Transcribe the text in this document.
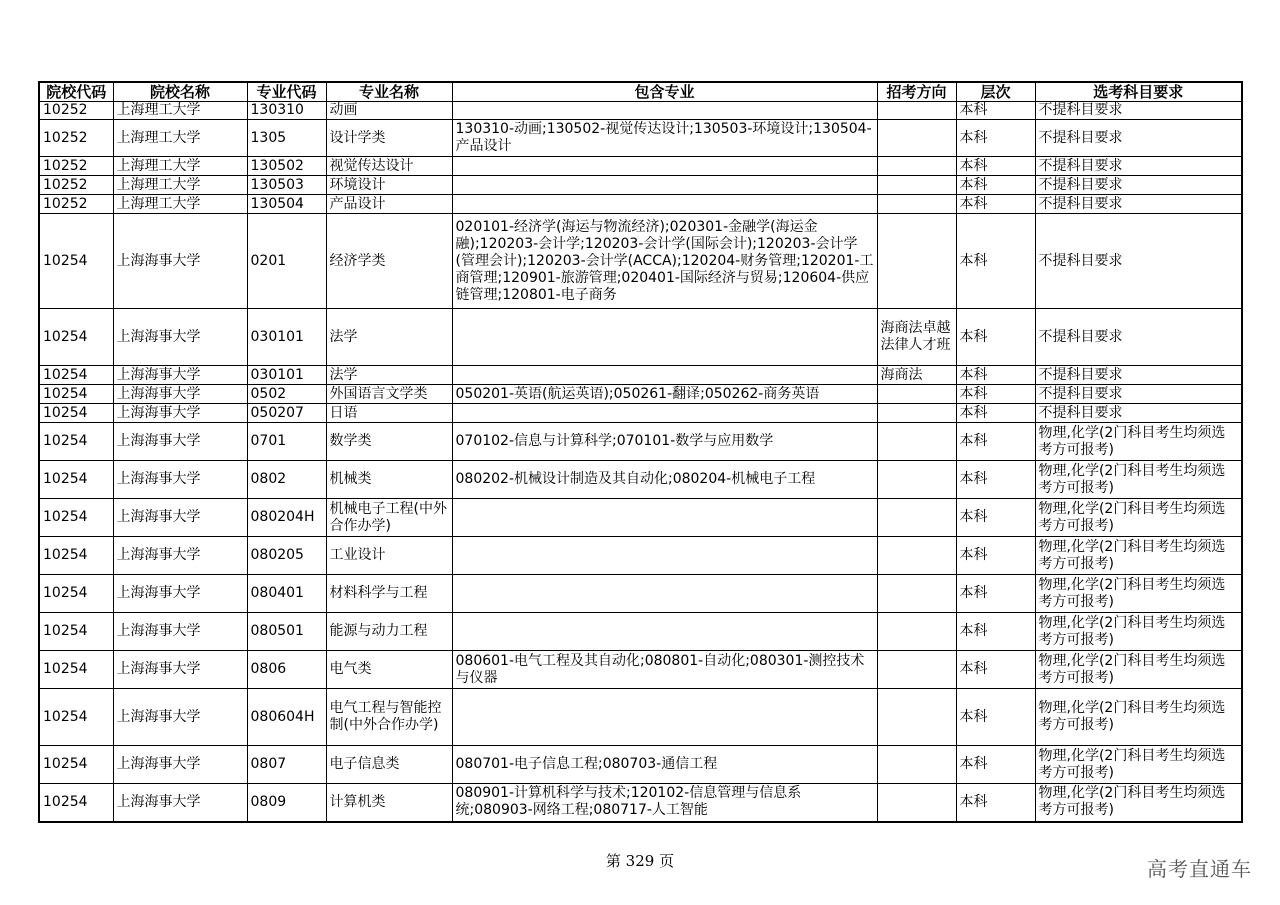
院校代码	院校名称	专业代码	专业名称	包含专业	招考方向	层次	选考科目要求
10252	上海理工大学	130310	动画			本科	不提科目要求
10252	上海理工大学	1305	设计学类	130310-动画;130502-视觉传达设计;130503-环境设计;130504-产品设计		本科	不提科目要求
10252	上海理工大学	130502	视觉传达设计			本科	不提科目要求
10252	上海理工大学	130503	环境设计			本科	不提科目要求
10252	上海理工大学	130504	产品设计			本科	不提科目要求
10254	上海海事大学	0201	经济学类	020101-经济学(海运与物流经济);020301-金融学(海运金融);120203-会计学;120203-会计学(国际会计);120203-会计学(管理会计);120203-会计学(ACCA);120204-财务管理;120201-工商管理;120901-旅游管理;020401-国际经济与贸易;120604-供应链管理;120801-电子商务		本科	不提科目要求
10254	上海海事大学	030101	法学		海商法卓越法律人才班	本科	不提科目要求
10254	上海海事大学	030101	法学		海商法	本科	不提科目要求
10254	上海海事大学	0502	外国语言文学类	050201-英语(航运英语);050261-翻译;050262-商务英语		本科	不提科目要求
10254	上海海事大学	050207	日语			本科	不提科目要求
10254	上海海事大学	0701	数学类	070102-信息与计算科学;070101-数学与应用数学		本科	物理,化学(2门科目考生均须选考方可报考)
10254	上海海事大学	0802	机械类	080202-机械设计制造及其自动化;080204-机械电子工程		本科	物理,化学(2门科目考生均须选考方可报考)
10254	上海海事大学	080204H	机械电子工程(中外合作办学)			本科	物理,化学(2门科目考生均须选考方可报考)
10254	上海海事大学	080205	工业设计			本科	物理,化学(2门科目考生均须选考方可报考)
10254	上海海事大学	080401	材料科学与工程			本科	物理,化学(2门科目考生均须选考方可报考)
10254	上海海事大学	080501	能源与动力工程			本科	物理,化学(2门科目考生均须选考方可报考)
10254	上海海事大学	0806	电气类	080601-电气工程及其自动化;080801-自动化;080301-测控技术与仪器		本科	物理,化学(2门科目考生均须选考方可报考)
10254	上海海事大学	080604H	电气工程与智能控制(中外合作办学)			本科	物理,化学(2门科目考生均须选考方可报考)
10254	上海海事大学	0807	电子信息类	080701-电子信息工程;080703-通信工程		本科	物理,化学(2门科目考生均须选考方可报考)
10254	上海海事大学	0809	计算机类	080901-计算机科学与技术;120102-信息管理与信息系统;080903-网络工程;080717-人工智能		本科	物理,化学(2门科目考生均须选考方可报考)
第 329 页	高考直通车
